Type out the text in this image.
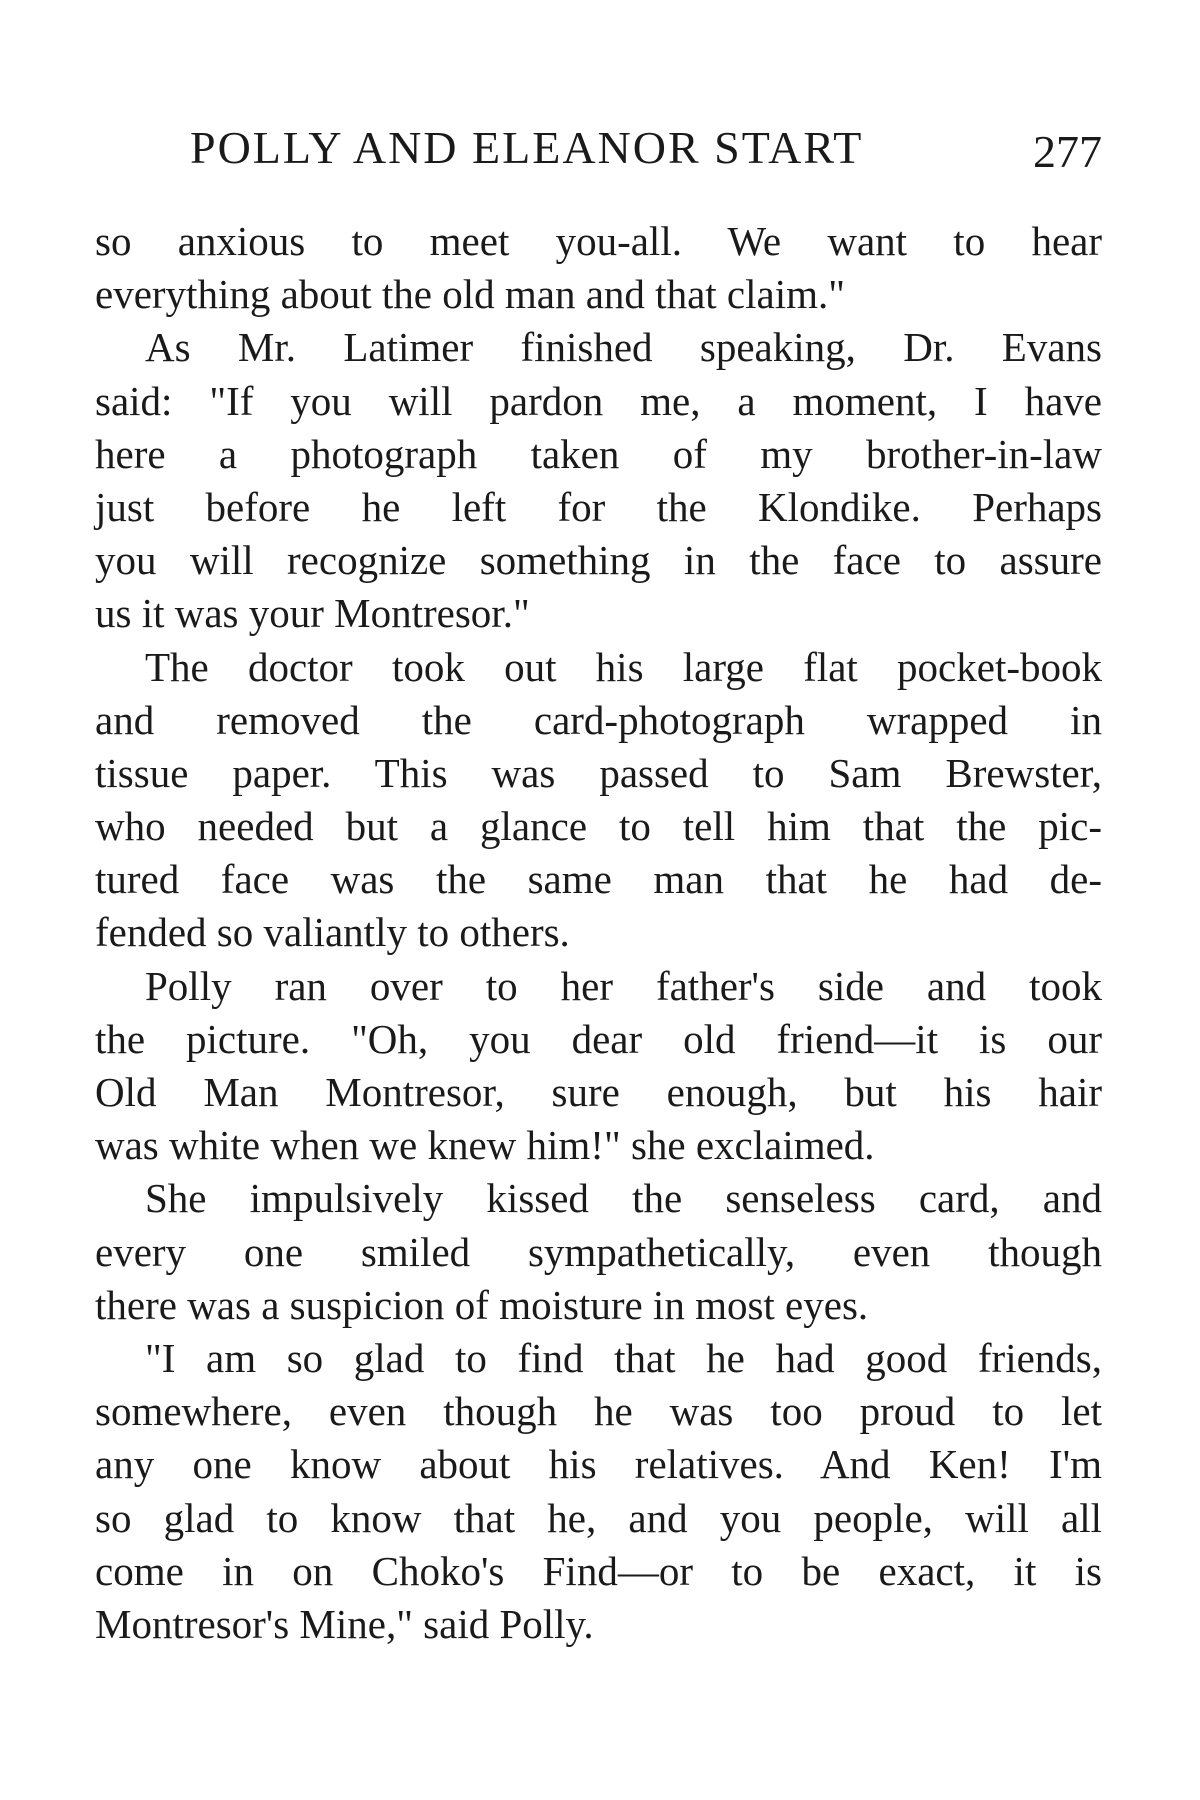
POLLY AND ELEANOR START	277
so anxious to meet you-all. We want to hear
everything about the old man and that claim."
As Mr. Latimer finished speaking, Dr. Evans
said: "If you will pardon me, a moment, I have
here a photograph taken of my brother-in-law
just before he left for the Klondike. Perhaps
you will recognize something in the face to assure
us it was your Montresor."
The doctor took out his large flat pocket-book
and removed the card-photograph wrapped in
tissue paper. This was passed to Sam Brewster,
who needed but a glance to tell him that the pic-
tured face was the same man that he had de-
fended so valiantly to others.
Polly ran over to her father's side and took
the picture. "Oh, you dear old friend—it is our
Old Man Montresor, sure enough, but his hair
was white when we knew him!" she exclaimed.
She impulsively kissed the senseless card, and
every one smiled sympathetically, even though
there was a suspicion of moisture in most eyes.
"I am so glad to find that he had good friends,
somewhere, even though he was too proud to let
any one know about his relatives. And Ken! I'm
so glad to know that he, and you people, will all
come in on Choko's Find—or to be exact, it is
Montresor's Mine," said Polly.
